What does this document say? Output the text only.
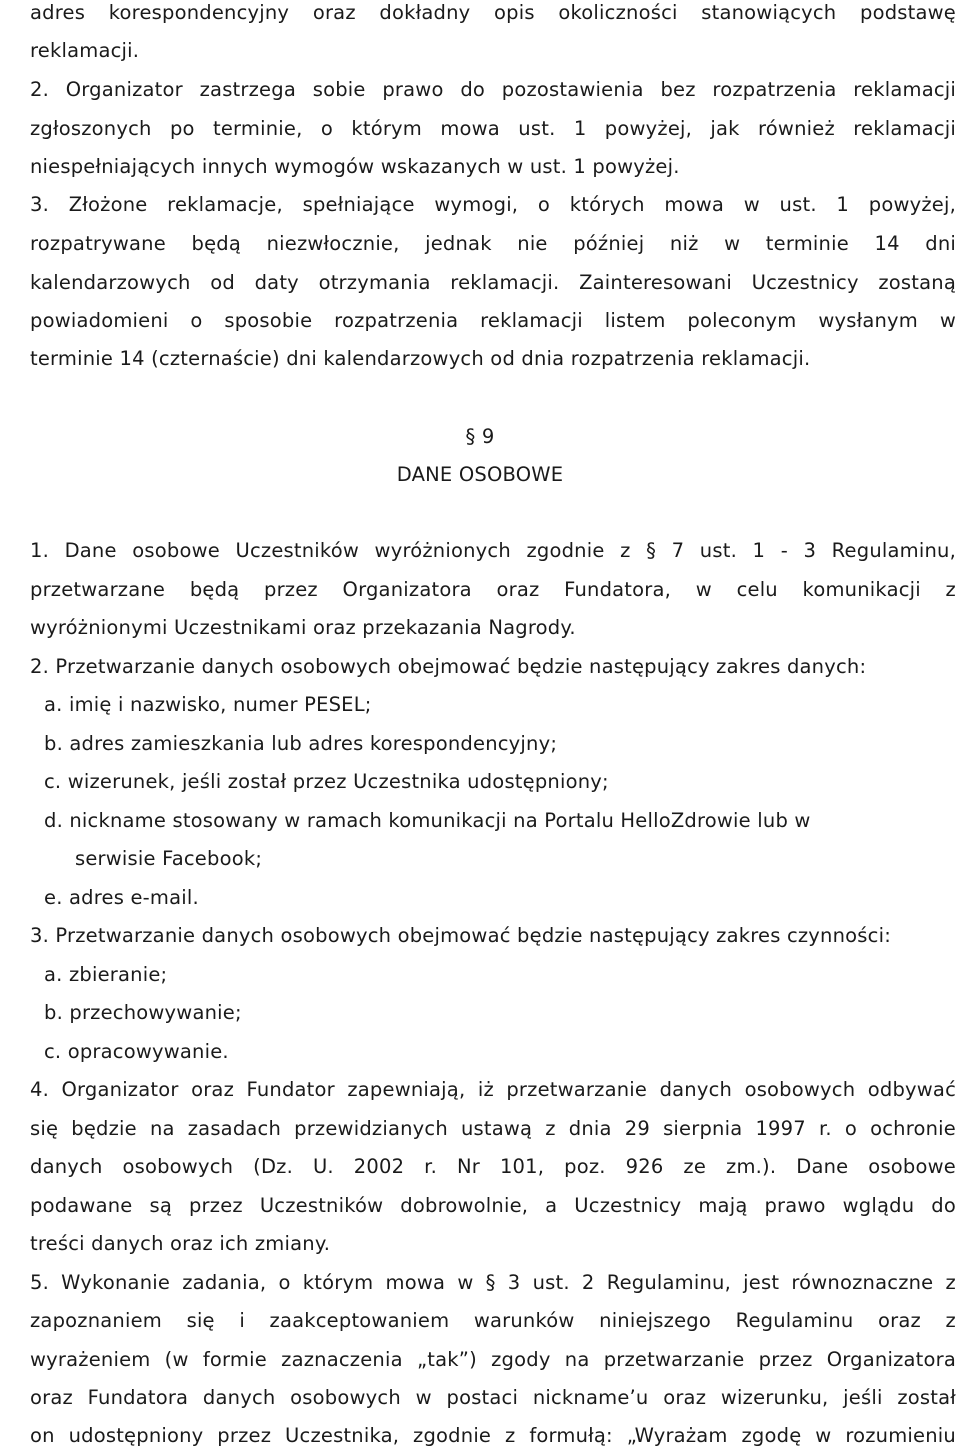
adres korespondencyjny oraz dokładny opis okoliczności stanowiących podstawę
reklamacji.
2. Organizator zastrzega sobie prawo do pozostawienia bez rozpatrzenia reklamacji
zgłoszonych po terminie, o którym mowa ust. 1 powyżej, jak również reklamacji
niespełniających innych wymogów wskazanych w ust. 1 powyżej.
3. Złożone reklamacje, spełniające wymogi, o których mowa w ust. 1 powyżej,
rozpatrywane będą niezwłocznie, jednak nie później niż w terminie 14 dni
kalendarzowych od daty otrzymania reklamacji. Zainteresowani Uczestnicy zostaną
powiadomieni o sposobie rozpatrzenia reklamacji listem poleconym wysłanym w
terminie 14 (czternaście) dni kalendarzowych od dnia rozpatrzenia reklamacji.
§ 9
DANE OSOBOWE
1. Dane osobowe Uczestników wyróżnionych zgodnie z § 7 ust. 1 - 3 Regulaminu,
przetwarzane będą przez Organizatora oraz Fundatora, w celu komunikacji z
wyróżnionymi Uczestnikami oraz przekazania Nagrody.
2. Przetwarzanie danych osobowych obejmować będzie następujący zakres danych:
a. imię i nazwisko, numer PESEL;
b. adres zamieszkania lub adres korespondencyjny;
c. wizerunek, jeśli został przez Uczestnika udostępniony;
d. nickname stosowany w ramach komunikacji na Portalu HelloZdrowie lub w
serwisie Facebook;
e. adres e-mail.
3. Przetwarzanie danych osobowych obejmować będzie następujący zakres czynności:
a. zbieranie;
b. przechowywanie;
c. opracowywanie.
4. Organizator oraz Fundator zapewniają, iż przetwarzanie danych osobowych odbywać
się będzie na zasadach przewidzianych ustawą z dnia 29 sierpnia 1997 r. o ochronie
danych osobowych (Dz. U. 2002 r. Nr 101, poz. 926 ze zm.). Dane osobowe
podawane są przez Uczestników dobrowolnie, a Uczestnicy mają prawo wglądu do
treści danych oraz ich zmiany.
5. Wykonanie zadania, o którym mowa w § 3 ust. 2 Regulaminu, jest równoznaczne z
zapoznaniem się i zaakceptowaniem warunków niniejszego Regulaminu oraz z
wyrażeniem (w formie zaznaczenia „tak”) zgody na przetwarzanie przez Organizatora
oraz Fundatora danych osobowych w postaci nickname’u oraz wizerunku, jeśli został
on udostępniony przez Uczestnika, zgodnie z formułą: „Wyrażam zgodę w rozumieniu
